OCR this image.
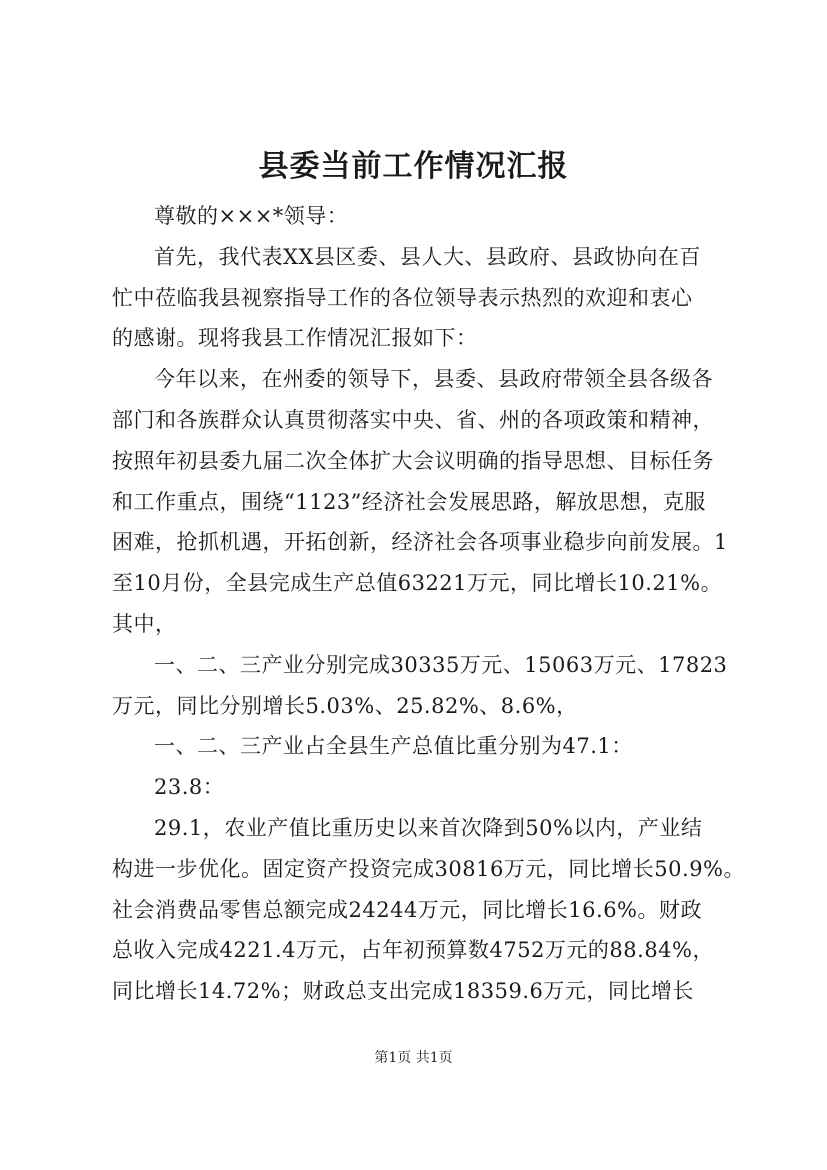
县委当前工作情况汇报
尊敬的×××*领导：
首先，我代表XX县区委、县人大、县政府、县政协向在百
忙中莅临我县视察指导工作的各位领导表示热烈的欢迎和衷心
的感谢。现将我县工作情况汇报如下：
今年以来，在州委的领导下，县委、县政府带领全县各级各
部门和各族群众认真贯彻落实中央、省、州的各项政策和精神，
按照年初县委九届二次全体扩大会议明确的指导思想、目标任务
和工作重点，围绕“1123”经济社会发展思路，解放思想，克服
困难，抢抓机遇，开拓创新，经济社会各项事业稳步向前发展。1
至10月份，全县完成生产总值63221万元，同比增长10.21%。
其中，
一、二、三产业分别完成30335万元、15063万元、17823
万元，同比分别增长5.03%、25.82%、8.6%，
一、二、三产业占全县生产总值比重分别为47.1：
23.8：
29.1，农业产值比重历史以来首次降到50%以内，产业结
构进一步优化。固定资产投资完成30816万元，同比增长50.9%。
社会消费品零售总额完成24244万元，同比增长16.6%。财政
总收入完成4221.4万元，占年初预算数4752万元的88.84%，
同比增长14.72%；财政总支出完成18359.6万元，同比增长
第1页 共1页
